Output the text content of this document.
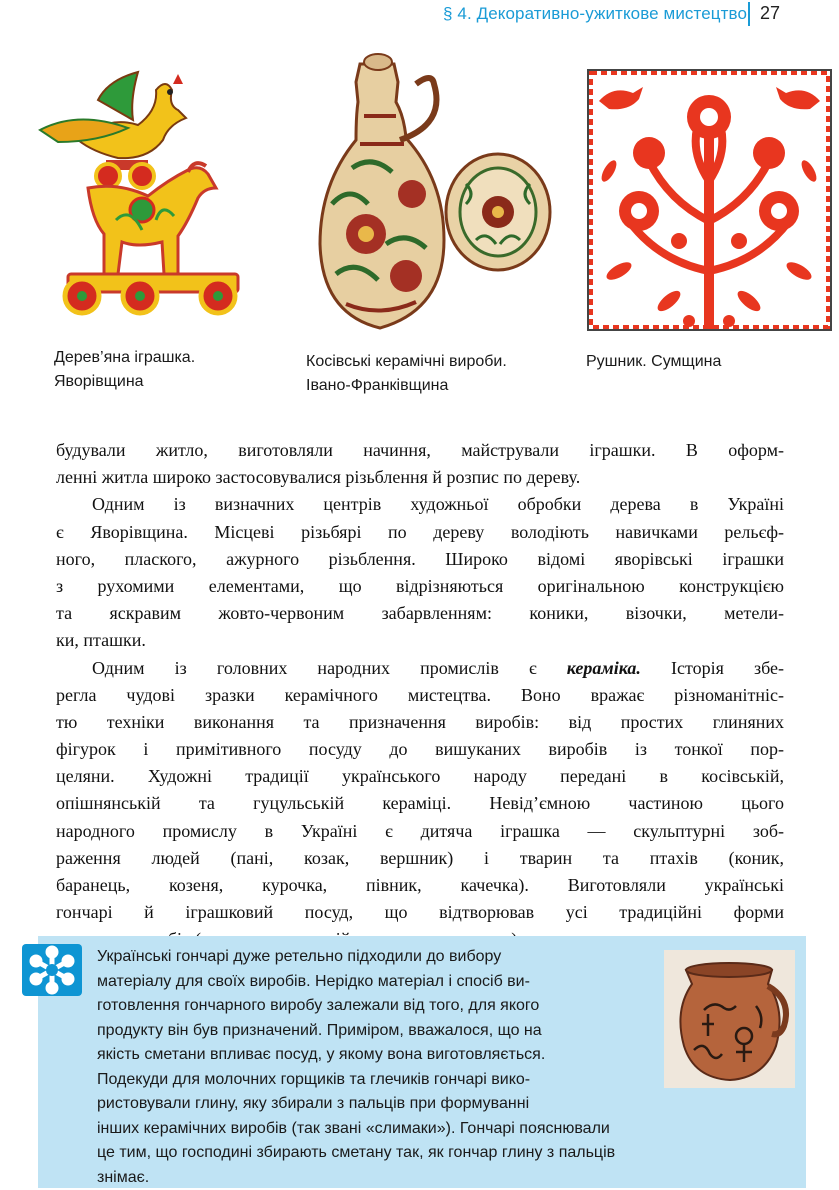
§ 4. Декоративно-ужиткове мистецтво 27
Дерев’яна іграшка.
Яворівщина
Косівські керамічні вироби.
Івано-Франківщина
Рушник. Сумщина
будували житло, виготовляли начиння, майстрували іграшки. В оформ-
ленні житла широко застосовувалися різьблення й розпис по дереву.
Одним із визначних центрів художньої обробки дерева в Україні
є Яворівщина. Місцеві різьбярі по дереву володіють навичками рельєф-
ного, плаского, ажурного різьблення. Широко відомі яворівські іграшки
з рухомими елементами, що відрізняються оригінальною конструкцією
та яскравим жовто-червоним забарвленням: коники, візочки, метели-
ки, пташки.
Одним із головних народних промислів є кераміка. Історія збе-
регла чудові зразки керамічного мистецтва. Воно вражає різноманітніс-
тю техніки виконання та призначення виробів: від простих глиняних
фігурок і примітивного посуду до вишуканих виробів із тонкої пор-
целяни. Художні традиції українського народу передані в косівській,
опішнянській та гуцульській кераміці. Невід’ємною частиною цього
народного промислу в Україні є дитяча іграшка — скульптурні зоб-
раження людей (пані, козак, вершник) і тварин та птахів (коник,
баранець, козеня, курочка, півник, качечка). Виготовляли українські
гончарі й іграшковий посуд, що відтворював усі традиційні форми
Українські гончарі дуже ретельно підходили до вибору
матеріалу для своїх виробів. Нерідко матеріал і спосіб ви-
готовлення гончарного виробу залежали від того, для якого
продукту він був призначений. Приміром, вважалося, що на
якість сметани впливає посуд, у якому вона виготовляється.
Подекуди для молочних горщиків та глечиків гончарі вико-
ристовували глину, яку збирали з пальців при формуванні
інших керамічних виробів (так звані «слимаки»). Гончарі пояснювали
це тим, що господині збирають сметану так, як гончар глину з пальців
знімає.
